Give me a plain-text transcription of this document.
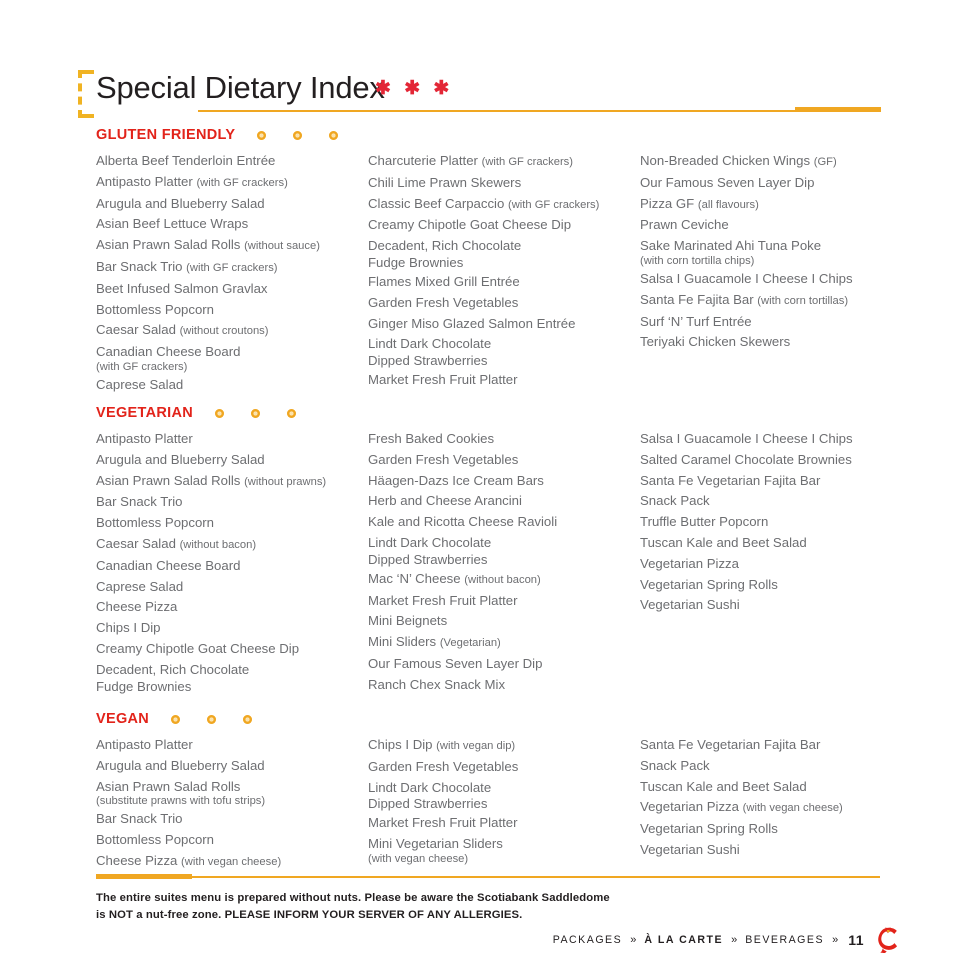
Special Dietary Index
✱ ✱ ✱
GLUTEN FRIENDLY
Alberta Beef Tenderloin Entrée
Antipasto Platter (with GF crackers)
Arugula and Blueberry Salad
Asian Beef Lettuce Wraps
Asian Prawn Salad Rolls (without sauce)
Bar Snack Trio (with GF crackers)
Beet Infused Salmon Gravlax
Bottomless Popcorn
Caesar Salad (without croutons)
Canadian Cheese Board
(with GF crackers)
Caprese Salad
Charcuterie Platter (with GF crackers)
Chili Lime Prawn Skewers
Classic Beef Carpaccio (with GF crackers)
Creamy Chipotle Goat Cheese Dip
Decadent, Rich Chocolate
Fudge Brownies
Flames Mixed Grill Entrée
Garden Fresh Vegetables
Ginger Miso Glazed Salmon Entrée
Lindt Dark Chocolate
Dipped Strawberries
Market Fresh Fruit Platter
Non-Breaded Chicken Wings (GF)
Our Famous Seven Layer Dip
Pizza GF (all flavours)
Prawn Ceviche
Sake Marinated Ahi Tuna Poke
(with corn tortilla chips)
Salsa I Guacamole I Cheese I Chips
Santa Fe Fajita Bar (with corn tortillas)
Surf ‘N’ Turf Entrée
Teriyaki Chicken Skewers
VEGETARIAN
Antipasto Platter
Arugula and Blueberry Salad
Asian Prawn Salad Rolls (without prawns)
Bar Snack Trio
Bottomless Popcorn
Caesar Salad (without bacon)
Canadian Cheese Board
Caprese Salad
Cheese Pizza
Chips I Dip
Creamy Chipotle Goat Cheese Dip
Decadent, Rich Chocolate
Fudge Brownies
Fresh Baked Cookies
Garden Fresh Vegetables
Häagen-Dazs Ice Cream Bars
Herb and Cheese Arancini
Kale and Ricotta Cheese Ravioli
Lindt Dark Chocolate
Dipped Strawberries
Mac ‘N’ Cheese (without bacon)
Market Fresh Fruit Platter
Mini Beignets
Mini Sliders (Vegetarian)
Our Famous Seven Layer Dip
Ranch Chex Snack Mix
Salsa I Guacamole I Cheese I Chips
Salted Caramel Chocolate Brownies
Santa Fe Vegetarian Fajita Bar
Snack Pack
Truffle Butter Popcorn
Tuscan Kale and Beet Salad
Vegetarian Pizza
Vegetarian Spring Rolls
Vegetarian Sushi
VEGAN
Antipasto Platter
Arugula and Blueberry Salad
Asian Prawn Salad Rolls
(substitute prawns with tofu strips)
Bar Snack Trio
Bottomless Popcorn
Cheese Pizza (with vegan cheese)
Chips I Dip (with vegan dip)
Garden Fresh Vegetables
Lindt Dark Chocolate
Dipped Strawberries
Market Fresh Fruit Platter
Mini Vegetarian Sliders
(with vegan cheese)
Santa Fe Vegetarian Fajita Bar
Snack Pack
Tuscan Kale and Beet Salad
Vegetarian Pizza (with vegan cheese)
Vegetarian Spring Rolls
Vegetarian Sushi
The entire suites menu is prepared without nuts. Please be aware the Scotiabank Saddledome
is NOT a nut-free zone. PLEASE INFORM YOUR SERVER OF ANY ALLERGIES.
PACKAGES » À LA CARTE » BEVERAGES » 11
